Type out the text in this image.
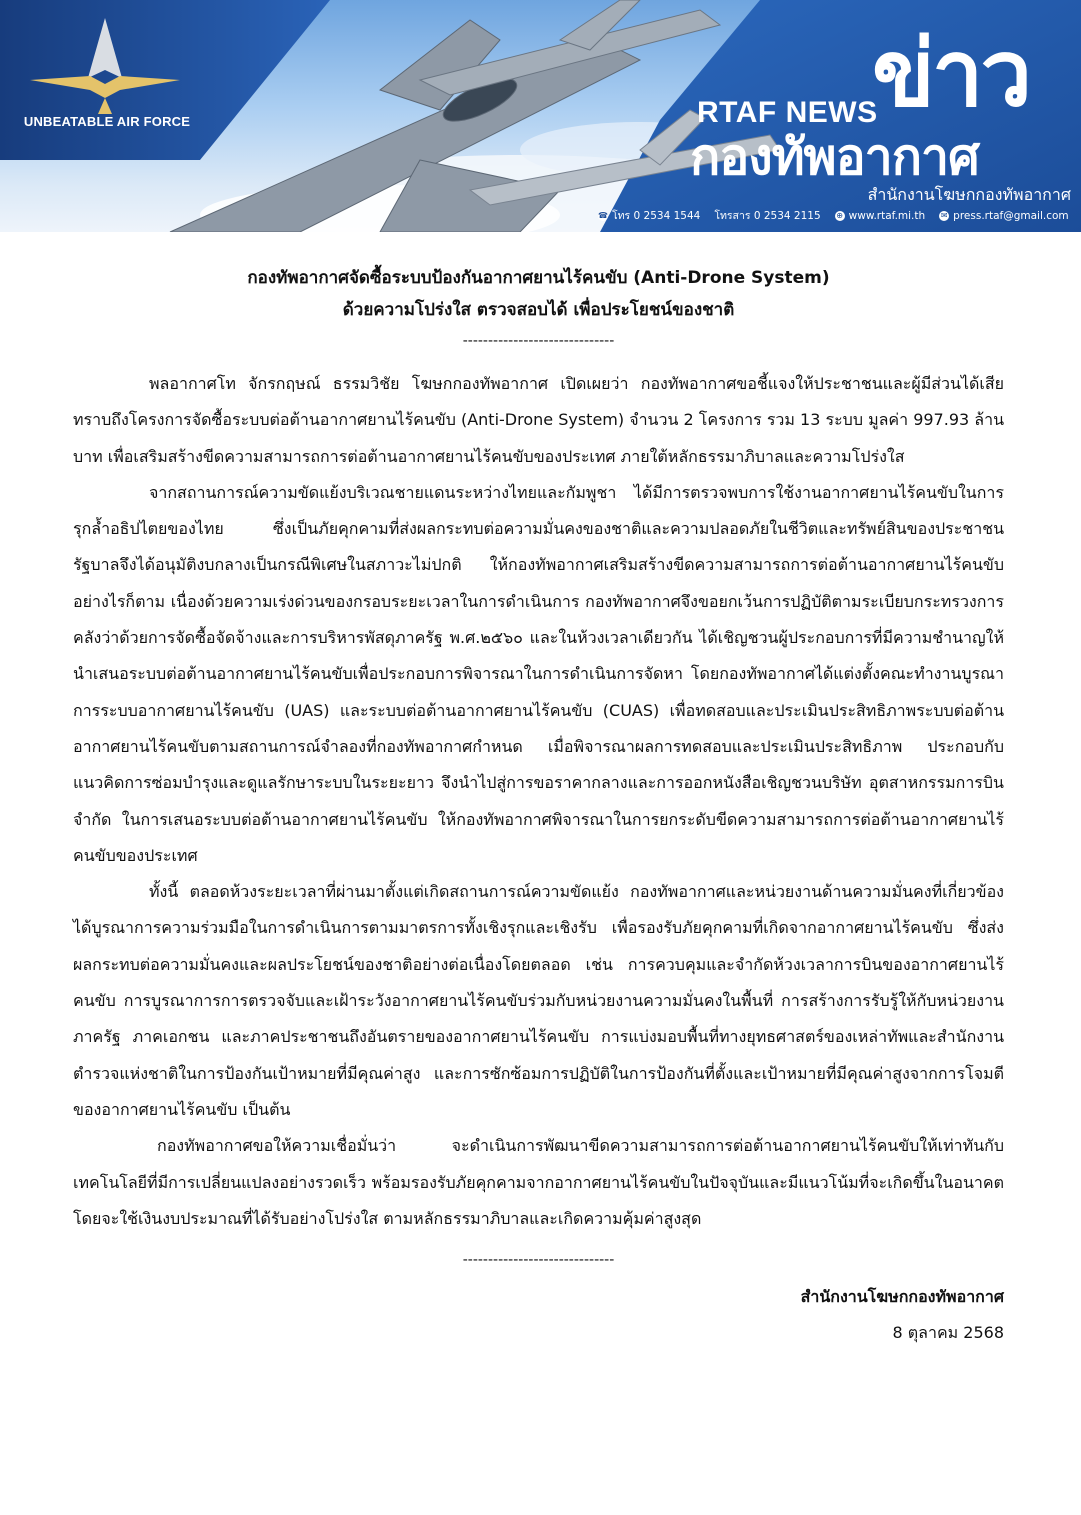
UNBEATABLE AIR FORCE	RTAF NEWS
ข่าว
กองทัพอากาศ
สำนักงานโฆษกกองทัพอากาศ
☎ โทร 0 2534 1544 โทรสาร 0 2534 2115 ⊕ www.rtaf.mi.th ✉ press.rtaf@gmail.com

กองทัพอากาศจัดซื้อระบบป้องกันอากาศยานไร้คนขับ (Anti-Drone System)

ด้วยความโปร่งใส ตรวจสอบได้ เพื่อประโยชน์ของชาติ

------------------------------

พลอากาศโท จักรกฤษณ์ ธรรมวิชัย โฆษกกองทัพอากาศ เปิดเผยว่า กองทัพอากาศขอชี้แจงให้ประชาชนและผู้มีส่วนได้เสีย ทราบถึงโครงการจัดซื้อระบบต่อต้านอากาศยานไร้คนขับ (Anti-Drone System) จำนวน 2 โครงการ รวม 13 ระบบ มูลค่า 997.93 ล้านบาท เพื่อเสริมสร้างขีดความสามารถการต่อต้านอากาศยานไร้คนขับของประเทศ ภายใต้หลักธรรมาภิบาลและความโปร่งใส

จากสถานการณ์ความขัดแย้งบริเวณชายแดนระหว่างไทยและกัมพูชา ได้มีการตรวจพบการใช้งานอากาศยานไร้คนขับในการรุกล้ำอธิปไตยของไทย ซึ่งเป็นภัยคุกคามที่ส่งผลกระทบต่อความมั่นคงของชาติและความปลอดภัยในชีวิตและทรัพย์สินของประชาชน รัฐบาลจึงได้อนุมัติงบกลางเป็นกรณีพิเศษในสภาวะไม่ปกติ ให้กองทัพอากาศเสริมสร้างขีดความสามารถการต่อต้านอากาศยานไร้คนขับ อย่างไรก็ตาม เนื่องด้วยความเร่งด่วนของกรอบระยะเวลาในการดำเนินการ กองทัพอากาศจึงขอยกเว้นการปฏิบัติตามระเบียบกระทรวงการคลังว่าด้วยการจัดซื้อจัดจ้างและการบริหารพัสดุภาครัฐ พ.ศ.๒๕๖๐ และในห้วงเวลาเดียวกัน ได้เชิญชวนผู้ประกอบการที่มีความชำนาญให้นำเสนอระบบต่อต้านอากาศยานไร้คนขับเพื่อประกอบการพิจารณาในการดำเนินการจัดหา โดยกองทัพอากาศได้แต่งตั้งคณะทำงานบูรณาการระบบอากาศยานไร้คนขับ (UAS) และระบบต่อต้านอากาศยานไร้คนขับ (CUAS) เพื่อทดสอบและประเมินประสิทธิภาพระบบต่อต้านอากาศยานไร้คนขับตามสถานการณ์จำลองที่กองทัพอากาศกำหนด เมื่อพิจารณาผลการทดสอบและประเมินประสิทธิภาพ ประกอบกับแนวคิดการซ่อมบำรุงและดูแลรักษาระบบในระยะยาว จึงนำไปสู่การขอราคากลางและการออกหนังสือเชิญชวนบริษัท อุตสาหกรรมการบิน จำกัด ในการเสนอระบบต่อต้านอากาศยานไร้คนขับ ให้กองทัพอากาศพิจารณาในการยกระดับขีดความสามารถการต่อต้านอากาศยานไร้คนขับของประเทศ

ทั้งนี้ ตลอดห้วงระยะเวลาที่ผ่านมาตั้งแต่เกิดสถานการณ์ความขัดแย้ง กองทัพอากาศและหน่วยงานด้านความมั่นคงที่เกี่ยวข้อง ได้บูรณาการความร่วมมือในการดำเนินการตามมาตรการทั้งเชิงรุกและเชิงรับ เพื่อรองรับภัยคุกคามที่เกิดจากอากาศยานไร้คนขับ ซึ่งส่งผลกระทบต่อความมั่นคงและผลประโยชน์ของชาติอย่างต่อเนื่องโดยตลอด เช่น การควบคุมและจำกัดห้วงเวลาการบินของอากาศยานไร้คนขับ การบูรณาการการตรวจจับและเฝ้าระวังอากาศยานไร้คนขับร่วมกับหน่วยงานความมั่นคงในพื้นที่ การสร้างการรับรู้ให้กับหน่วยงานภาครัฐ ภาคเอกชน และภาคประชาชนถึงอันตรายของอากาศยานไร้คนขับ การแบ่งมอบพื้นที่ทางยุทธศาสตร์ของเหล่าทัพและสำนักงานตำรวจแห่งชาติในการป้องกันเป้าหมายที่มีคุณค่าสูง และการซักซ้อมการปฏิบัติในการป้องกันที่ตั้งและเป้าหมายที่มีคุณค่าสูงจากการโจมตีของอากาศยานไร้คนขับ เป็นต้น

กองทัพอากาศขอให้ความเชื่อมั่นว่า จะดำเนินการพัฒนาขีดความสามารถการต่อต้านอากาศยานไร้คนขับให้เท่าทันกับเทคโนโลยีที่มีการเปลี่ยนแปลงอย่างรวดเร็ว พร้อมรองรับภัยคุกคามจากอากาศยานไร้คนขับในปัจจุบันและมีแนวโน้มที่จะเกิดขึ้นในอนาคต โดยจะใช้เงินงบประมาณที่ได้รับอย่างโปร่งใส ตามหลักธรรมาภิบาลและเกิดความคุ้มค่าสูงสุด

------------------------------

สำนักงานโฆษกกองทัพอากาศ

8 ตุลาคม 2568
